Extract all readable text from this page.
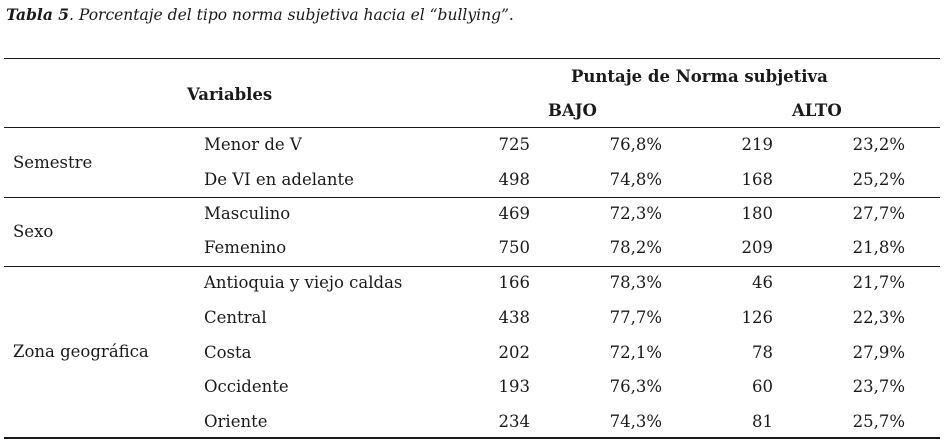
Tabla 5. Porcentaje del tipo norma subjetiva hacia el “bullying”.
Variables
Puntaje de Norma subjetiva
BAJO	ALTO
Semestre
Menor de V	725	76,8%	219	23,2%
De VI en adelante	498	74,8%	168	25,2%
Sexo
Masculino	469	72,3%	180	27,7%
Femenino	750	78,2%	209	21,8%
Zona geográfica
Antioquia y viejo caldas	166	78,3%	46	21,7%
Central	438	77,7%	126	22,3%
Costa	202	72,1%	78	27,9%
Occidente	193	76,3%	60	23,7%
Oriente	234	74,3%	81	25,7%
